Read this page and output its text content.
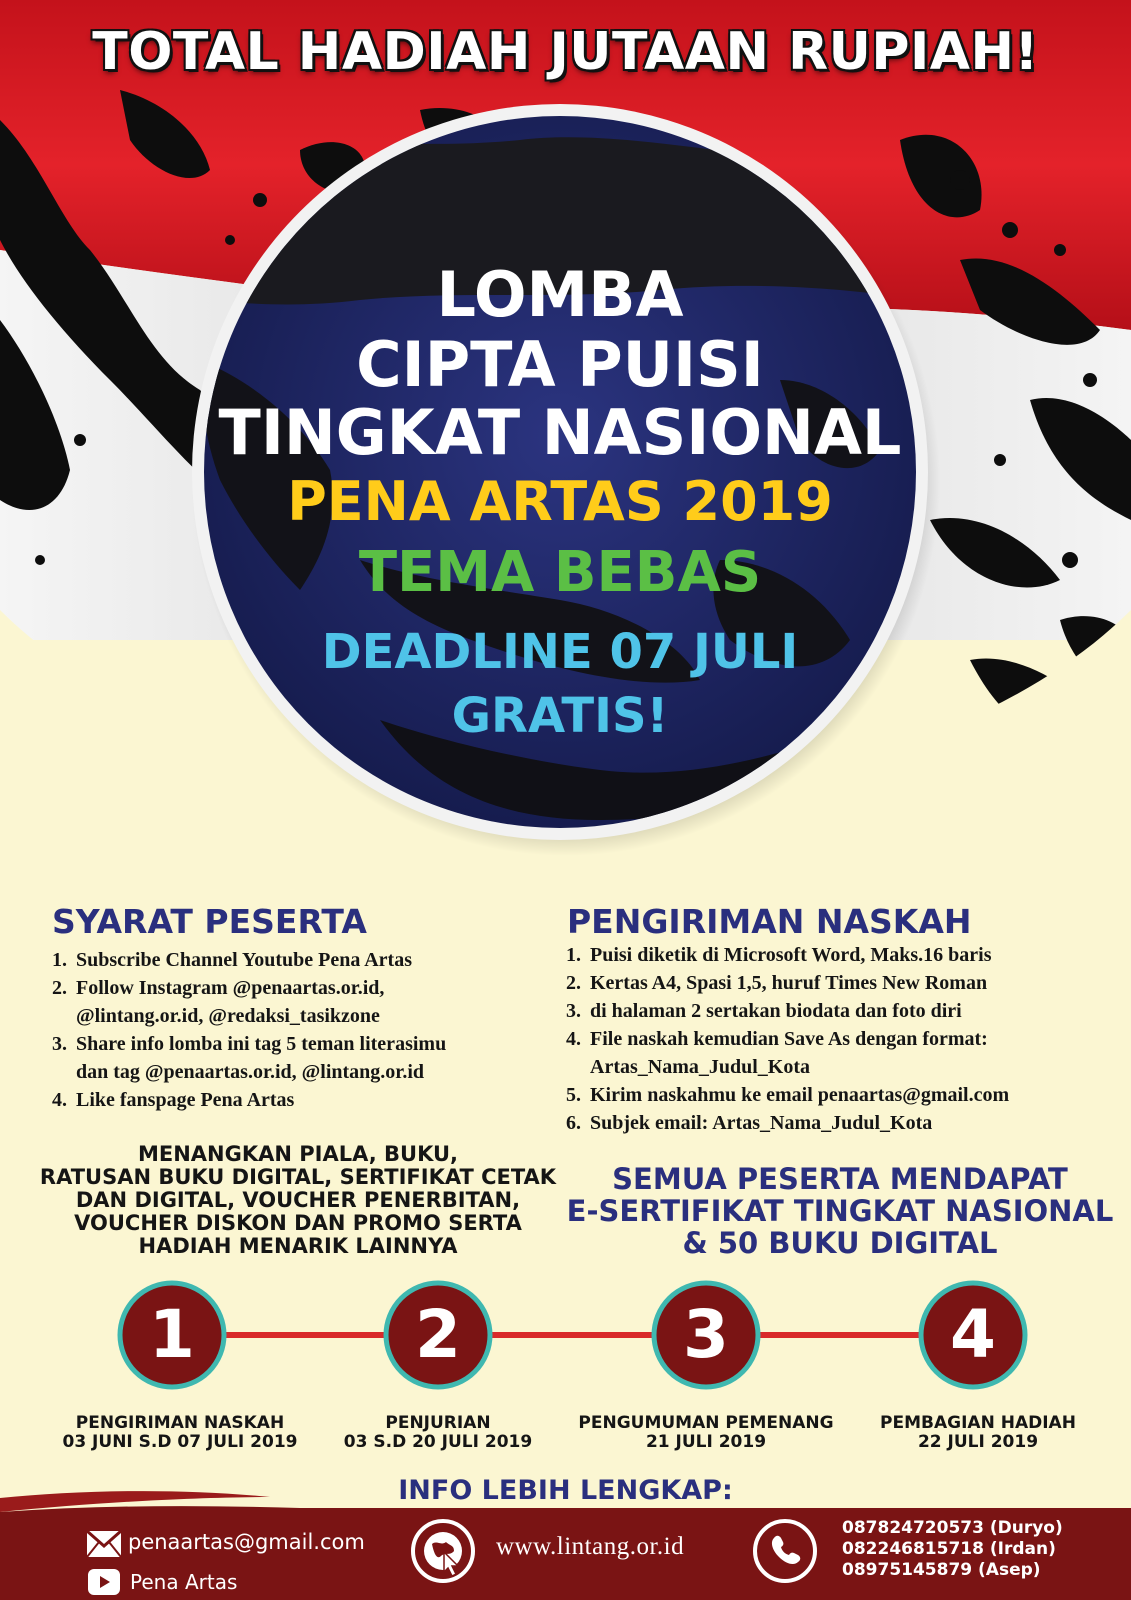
TOTAL HADIAH JUTAAN RUPIAH!
LOMBA
CIPTA PUISI
TINGKAT NASIONAL
PENA ARTAS 2019
TEMA BEBAS
DEADLINE 07 JULI
GRATIS!
SYARAT PESERTA
1. Subscribe Channel Youtube Pena Artas
2. Follow Instagram @penaartas.or.id,
@lintang.or.id, @redaksi_tasikzone
3. Share info lomba ini tag 5 teman literasimu
dan tag @penaartas.or.id, @lintang.or.id
4. Like fanspage Pena Artas
PENGIRIMAN NASKAH
1. Puisi diketik di Microsoft Word, Maks.16 baris
2. Kertas A4, Spasi 1,5, huruf Times New Roman
3. di halaman 2 sertakan biodata dan foto diri
4. File naskah kemudian Save As dengan format:
Artas_Nama_Judul_Kota
5. Kirim naskahmu ke email penaartas@gmail.com
6. Subjek email: Artas_Nama_Judul_Kota
MENANGKAN PIALA, BUKU,
RATUSAN BUKU DIGITAL, SERTIFIKAT CETAK
DAN DIGITAL, VOUCHER PENERBITAN,
VOUCHER DISKON DAN PROMO SERTA
HADIAH MENARIK LAINNYA
SEMUA PESERTA MENDAPAT
E-SERTIFIKAT TINGKAT NASIONAL
& 50 BUKU DIGITAL
1
PENGIRIMAN NASKAH
03 JUNI S.D 07 JULI 2019
2
PENJURIAN
03 S.D 20 JULI 2019
3
PENGUMUMAN PEMENANG
21 JULI 2019
4
PEMBAGIAN HADIAH
22 JULI 2019
INFO LEBIH LENGKAP:
penaartas@gmail.com
Pena Artas
www.lintang.or.id
087824720573 (Duryo)
082246815718 (Irdan)
08975145879 (Asep)
